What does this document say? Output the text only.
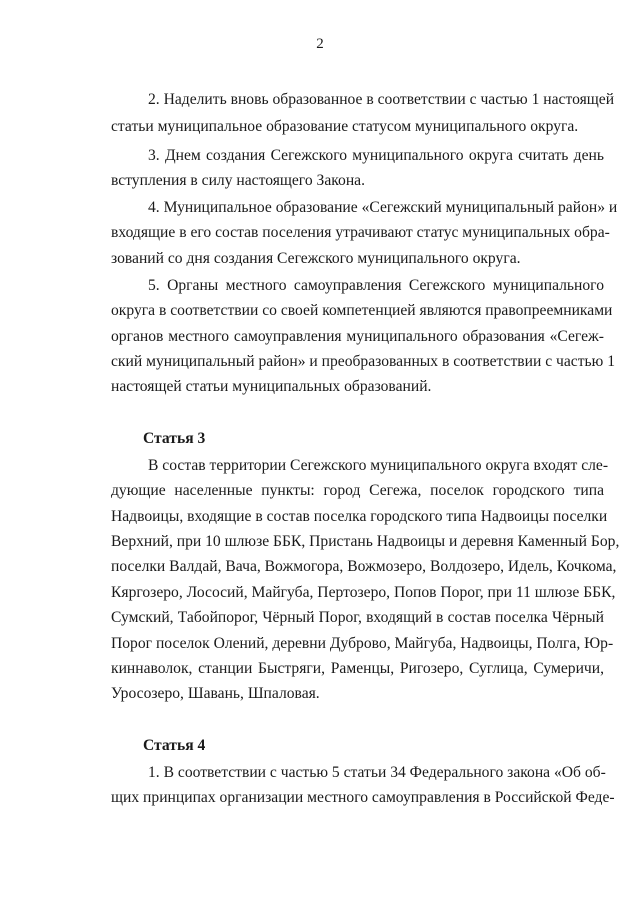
2
2. Наделить вновь образованное в соответствии с частью 1 настоящей
статьи муниципальное образование статусом муниципального округа.
3. Днем создания Сегежского муниципального округа считать день
вступления в силу настоящего Закона.
4. Муниципальное образование «Сегежский муниципальный район» и
входящие в его состав поселения утрачивают статус муниципальных обра-
зований со дня создания Сегежского муниципального округа.
5. Органы местного самоуправления Сегежского муниципального
округа в соответствии со своей компетенцией являются правопреемниками
органов местного самоуправления муниципального образования «Сегеж-
ский муниципальный район» и преобразованных в соответствии с частью 1
настоящей статьи муниципальных образований.
Статья 3
В состав территории Сегежского муниципального округа входят сле-
дующие населенные пункты: город Сегежа, поселок городского типа
Надвоицы, входящие в состав поселка городского типа Надвоицы поселки
Верхний, при 10 шлюзе ББК, Пристань Надвоицы и деревня Каменный Бор,
поселки Валдай, Вача, Вожмогора, Вожмозеро, Волдозеро, Идель, Кочкома,
Кяргозеро, Лососий, Майгуба, Пертозеро, Попов Порог, при 11 шлюзе ББК,
Сумский, Табойпорог, Чёрный Порог, входящий в состав поселка Чёрный
Порог поселок Олений, деревни Дуброво, Майгуба, Надвоицы, Полга, Юр-
киннаволок, станции Быстряги, Раменцы, Ригозеро, Суглица, Сумеричи,
Уросозеро, Шавань, Шпаловая.
Статья 4
1. В соответствии с частью 5 статьи 34 Федерального закона «Об об-
щих принципах организации местного самоуправления в Российской Феде-
